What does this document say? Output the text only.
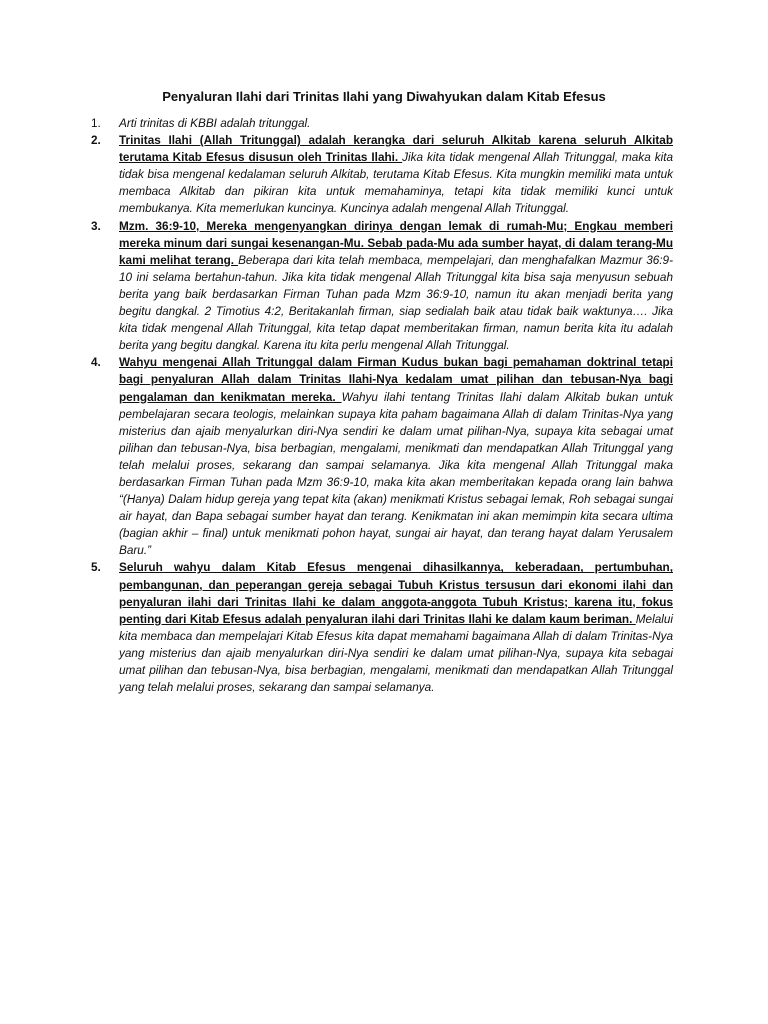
Penyaluran Ilahi dari Trinitas Ilahi yang Diwahyukan dalam Kitab Efesus
1.	Arti trinitas di KBBI adalah tritunggal.
2.	Trinitas Ilahi (Allah Tritunggal) adalah kerangka dari seluruh Alkitab karena seluruh Alkitab terutama Kitab Efesus disusun oleh Trinitas Ilahi. Jika kita tidak mengenal Allah Tritunggal, maka kita tidak bisa mengenal kedalaman seluruh Alkitab, terutama Kitab Efesus. Kita mungkin memiliki mata untuk membaca Alkitab dan pikiran kita untuk memahaminya, tetapi kita tidak memiliki kunci untuk membukanya. Kita memerlukan kuncinya. Kuncinya adalah mengenal Allah Tritunggal.
3.	Mzm. 36:9-10, Mereka mengenyangkan dirinya dengan lemak di rumah-Mu; Engkau memberi mereka minum dari sungai kesenangan-Mu. Sebab pada-Mu ada sumber hayat, di dalam terang-Mu kami melihat terang. Beberapa dari kita telah membaca, mempelajari, dan menghafalkan Mazmur 36:9-10 ini selama bertahun-tahun. Jika kita tidak mengenal Allah Tritunggal kita bisa saja menyusun sebuah berita yang baik berdasarkan Firman Tuhan pada Mzm 36:9-10, namun itu akan menjadi berita yang begitu dangkal. 2 Timotius 4:2, Beritakanlah firman, siap sedialah baik atau tidak baik waktunya…. Jika kita tidak mengenal Allah Tritunggal, kita tetap dapat memberitakan firman, namun berita kita itu adalah berita yang begitu dangkal. Karena itu kita perlu mengenal Allah Tritunggal.
4.	Wahyu mengenai Allah Tritunggal dalam Firman Kudus bukan bagi pemahaman doktrinal tetapi bagi penyaluran Allah dalam Trinitas Ilahi-Nya kedalam umat pilihan dan tebusan-Nya bagi pengalaman dan kenikmatan mereka. Wahyu ilahi tentang Trinitas Ilahi dalam Alkitab bukan untuk pembelajaran secara teologis, melainkan supaya kita paham bagaimana Allah di dalam Trinitas-Nya yang misterius dan ajaib menyalurkan diri-Nya sendiri ke dalam umat pilihan-Nya, supaya kita sebagai umat pilihan dan tebusan-Nya, bisa berbagian, mengalami, menikmati dan mendapatkan Allah Tritunggal yang telah melalui proses, sekarang dan sampai selamanya. Jika kita mengenal Allah Tritunggal maka berdasarkan Firman Tuhan pada Mzm 36:9-10, maka kita akan memberitakan kepada orang lain bahwa “(Hanya) Dalam hidup gereja yang tepat kita (akan) menikmati Kristus sebagai lemak, Roh sebagai sungai air hayat, dan Bapa sebagai sumber hayat dan terang. Kenikmatan ini akan memimpin kita secara ultima (bagian akhir – final) untuk menikmati pohon hayat, sungai air hayat, dan terang hayat dalam Yerusalem Baru.”
5.	Seluruh wahyu dalam Kitab Efesus mengenai dihasilkannya, keberadaan, pertumbuhan, pembangunan, dan peperangan gereja sebagai Tubuh Kristus tersusun dari ekonomi ilahi dan penyaluran ilahi dari Trinitas Ilahi ke dalam anggota-anggota Tubuh Kristus; karena itu, fokus penting dari Kitab Efesus adalah penyaluran ilahi dari Trinitas Ilahi ke dalam kaum beriman. Melalui kita membaca dan mempelajari Kitab Efesus kita dapat memahami bagaimana Allah di dalam Trinitas-Nya yang misterius dan ajaib menyalurkan diri-Nya sendiri ke dalam umat pilihan-Nya, supaya kita sebagai umat pilihan dan tebusan-Nya, bisa berbagian, mengalami, menikmati dan mendapatkan Allah Tritunggal yang telah melalui proses, sekarang dan sampai selamanya.
